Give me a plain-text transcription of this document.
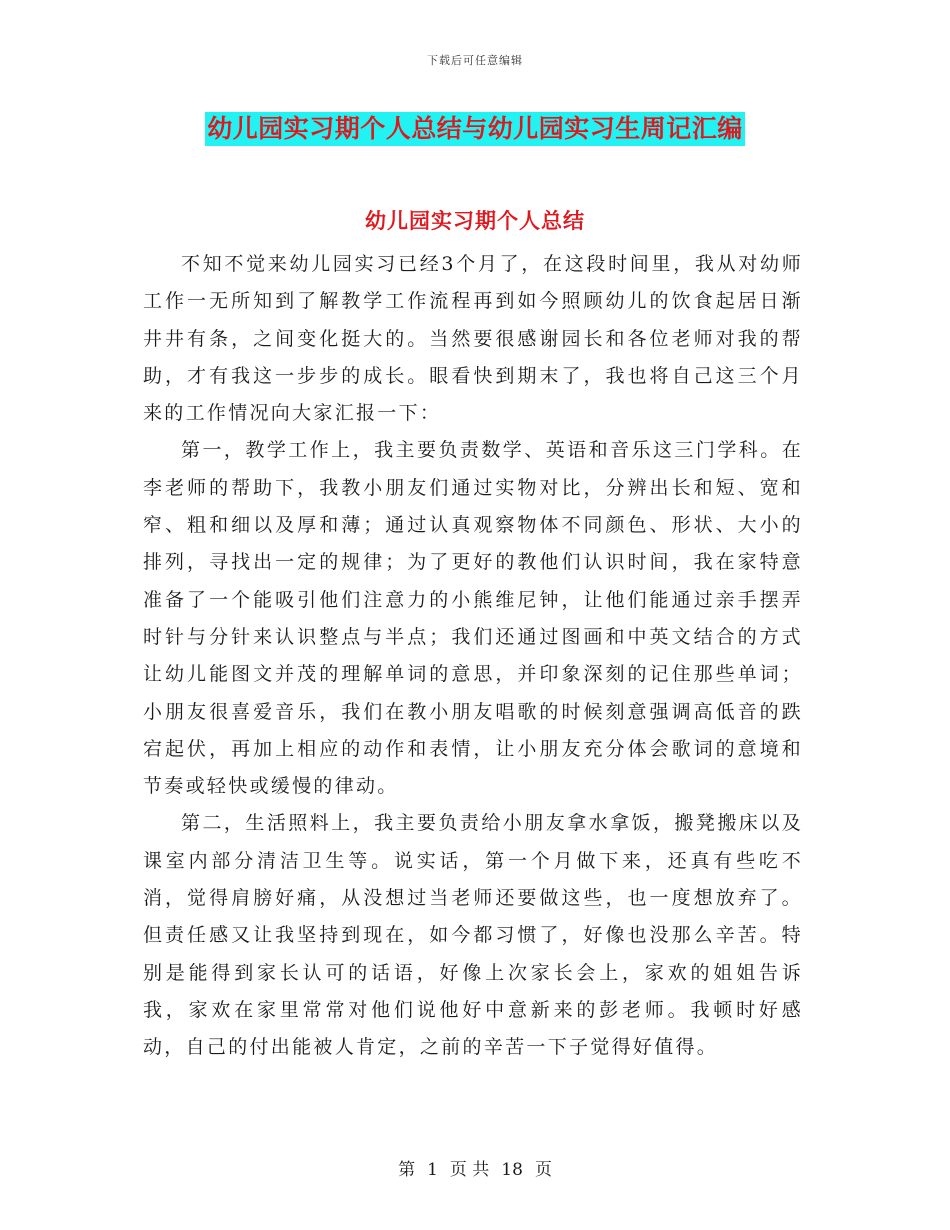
下载后可任意编辑
幼儿园实习期个人总结与幼儿园实习生周记汇编
幼儿园实习期个人总结

不知不觉来幼儿园实习已经3个月了，在这段时间里，我从对幼师工作一无所知到了解教学工作流程再到如今照顾幼儿的饮食起居日渐井井有条，之间变化挺大的。当然要很感谢园长和各位老师对我的帮助，才有我这一步步的成长。眼看快到期末了，我也将自己这三个月来的工作情况向大家汇报一下：

第一，教学工作上，我主要负责数学、英语和音乐这三门学科。在李老师的帮助下，我教小朋友们通过实物对比，分辨出长和短、宽和窄、粗和细以及厚和薄；通过认真观察物体不同颜色、形状、大小的排列，寻找出一定的规律；为了更好的教他们认识时间，我在家特意准备了一个能吸引他们注意力的小熊维尼钟，让他们能通过亲手摆弄时针与分针来认识整点与半点；我们还通过图画和中英文结合的方式让幼儿能图文并茂的理解单词的意思，并印象深刻的记住那些单词；小朋友很喜爱音乐，我们在教小朋友唱歌的时候刻意强调高低音的跌宕起伏，再加上相应的动作和表情，让小朋友充分体会歌词的意境和节奏或轻快或缓慢的律动。

第二，生活照料上，我主要负责给小朋友拿水拿饭，搬凳搬床以及课室内部分清洁卫生等。说实话，第一个月做下来，还真有些吃不消，觉得肩膀好痛，从没想过当老师还要做这些，也一度想放弃了。但责任感又让我坚持到现在，如今都习惯了，好像也没那么辛苦。特别是能得到家长认可的话语，好像上次家长会上，家欢的姐姐告诉我，家欢在家里常常对他们说他好中意新来的彭老师。我顿时好感动，自己的付出能被人肯定，之前的辛苦一下子觉得好值得。

第 1 页 共 18 页
